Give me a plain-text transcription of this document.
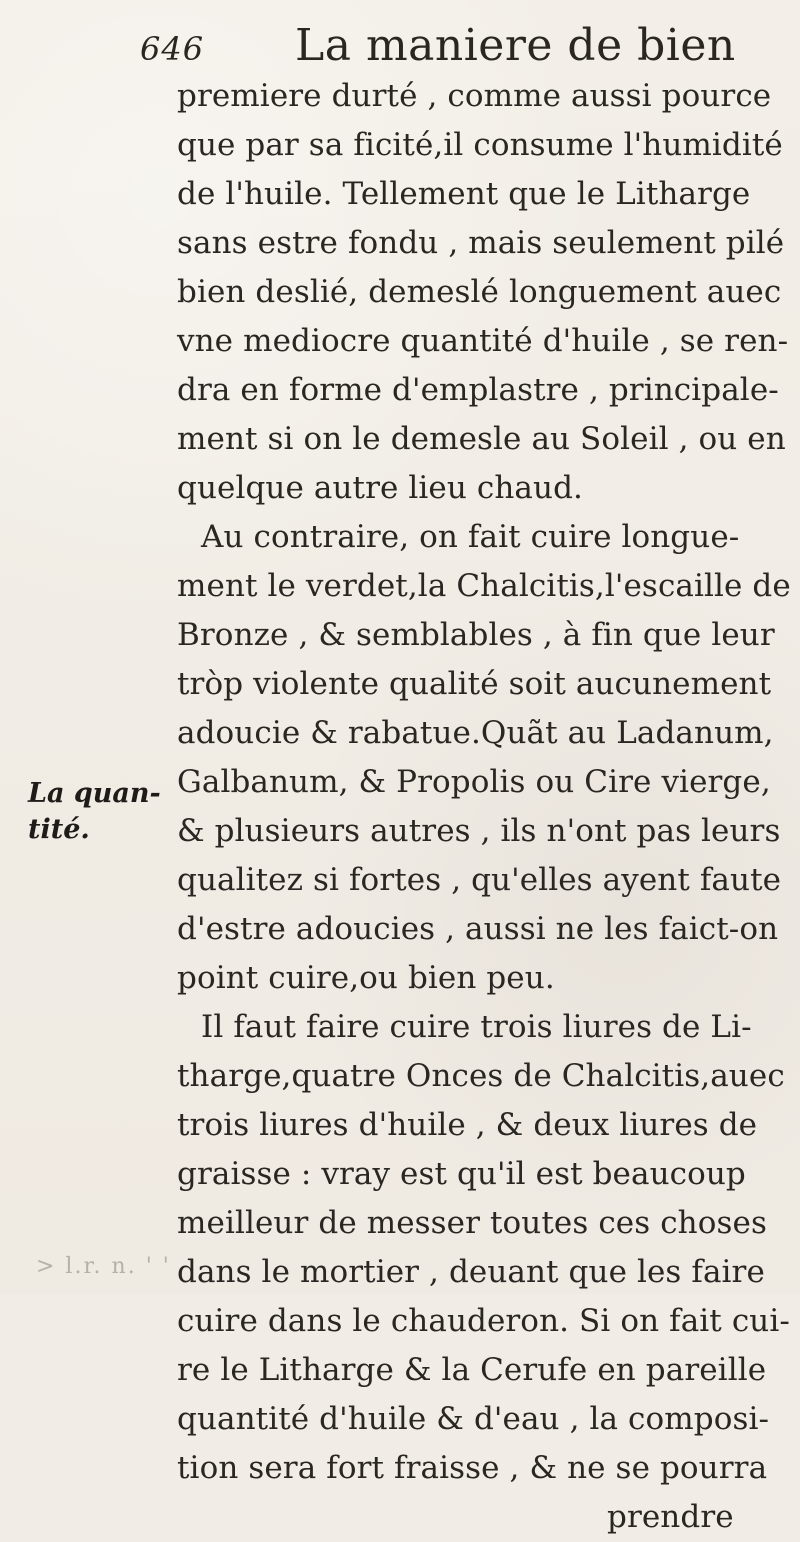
646 La maniere de bien
La quan-
tité.
premiere durté , comme aussi pource
que par sa ficité,il consume l'humidité
de l'huile. Tellement que le Litharge
sans estre fondu , mais seulement pilé
bien deslié, demeslé longuement auec
vne mediocre quantité d'huile , se ren-
dra en forme d'emplastre , principale-
ment si on le demesle au Soleil , ou en
quelque autre lieu chaud.
Au contraire, on fait cuire longue-
ment le verdet,la Chalcitis,l'escaille de
Bronze , & semblables , à fin que leur
tròp violente qualité soit aucunement
adoucie & rabatue.Quãt au Ladanum,
Galbanum, & Propolis ou Cire vierge,
& plusieurs autres , ils n'ont pas leurs
qualitez si fortes , qu'elles ayent faute
d'estre adoucies , aussi ne les faict-on
point cuire,ou bien peu.
Il faut faire cuire trois liures de Li-
tharge,quatre Onces de Chalcitis,auec
trois liures d'huile , & deux liures de
graisse : vray est qu'il est beaucoup
meilleur de messer toutes ces choses
dans le mortier , deuant que les faire
cuire dans le chauderon. Si on fait cui-
re le Litharge & la Cerufe en pareille
quantité d'huile & d'eau , la composi-
tion sera fort fraisse , & ne se pourra
prendre
> l.r. n. ' '
